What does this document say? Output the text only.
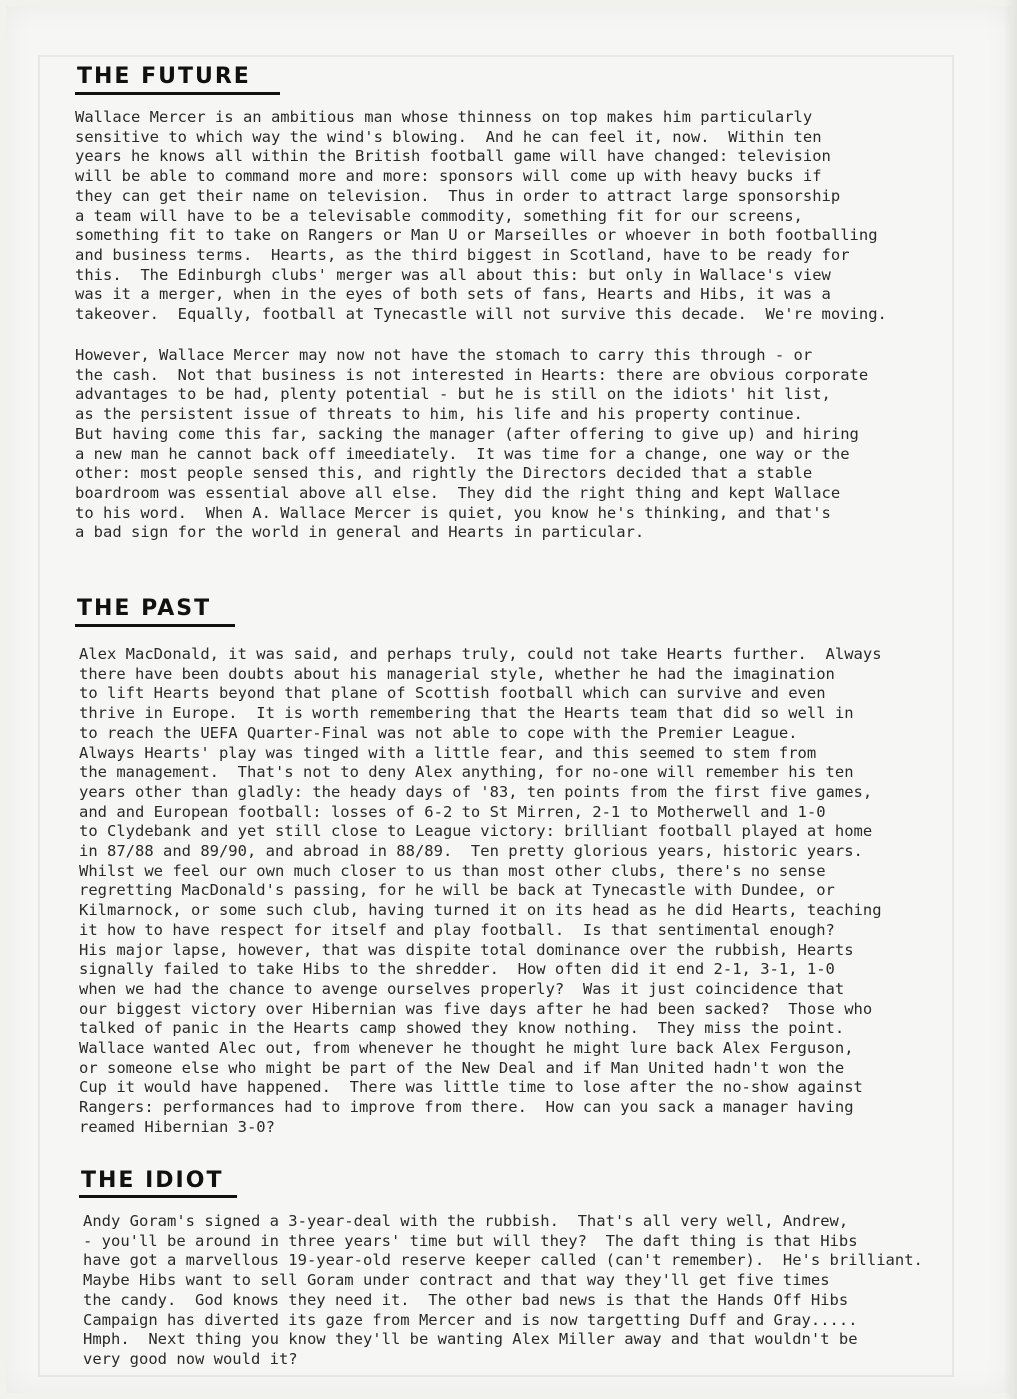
THE FUTURE

Wallace Mercer is an ambitious man whose thinness on top makes him particularly
sensitive to which way the wind's blowing.  And he can feel it, now.  Within ten
years he knows all within the British football game will have changed: television
will be able to command more and more: sponsors will come up with heavy bucks if
they can get their name on television.  Thus in order to attract large sponsorship
a team will have to be a televisable commodity, something fit for our screens,
something fit to take on Rangers or Man U or Marseilles or whoever in both footballing
and business terms.  Hearts, as the third biggest in Scotland, have to be ready for
this.  The Edinburgh clubs' merger was all about this: but only in Wallace's view
was it a merger, when in the eyes of both sets of fans, Hearts and Hibs, it was a
takeover.  Equally, football at Tynecastle will not survive this decade.  We're moving.

However, Wallace Mercer may now not have the stomach to carry this through - or
the cash.  Not that business is not interested in Hearts: there are obvious corporate
advantages to be had, plenty potential - but he is still on the idiots' hit list,
as the persistent issue of threats to him, his life and his property continue.
But having come this far, sacking the manager (after offering to give up) and hiring
a new man he cannot back off imeediately.  It was time for a change, one way or the
other: most people sensed this, and rightly the Directors decided that a stable
boardroom was essential above all else.  They did the right thing and kept Wallace
to his word.  When A. Wallace Mercer is quiet, you know he's thinking, and that's
a bad sign for the world in general and Hearts in particular.

THE PAST

Alex MacDonald, it was said, and perhaps truly, could not take Hearts further.  Always
there have been doubts about his managerial style, whether he had the imagination
to lift Hearts beyond that plane of Scottish football which can survive and even
thrive in Europe.  It is worth remembering that the Hearts team that did so well in
to reach the UEFA Quarter-Final was not able to cope with the Premier League.
Always Hearts' play was tinged with a little fear, and this seemed to stem from
the management.  That's not to deny Alex anything, for no-one will remember his ten
years other than gladly: the heady days of '83, ten points from the first five games,
and and European football: losses of 6-2 to St Mirren, 2-1 to Motherwell and 1-0
to Clydebank and yet still close to League victory: brilliant football played at home
in 87/88 and 89/90, and abroad in 88/89.  Ten pretty glorious years, historic years.
Whilst we feel our own much closer to us than most other clubs, there's no sense
regretting MacDonald's passing, for he will be back at Tynecastle with Dundee, or
Kilmarnock, or some such club, having turned it on its head as he did Hearts, teaching
it how to have respect for itself and play football.  Is that sentimental enough?
His major lapse, however, that was dispite total dominance over the rubbish, Hearts
signally failed to take Hibs to the shredder.  How often did it end 2-1, 3-1, 1-0
when we had the chance to avenge ourselves properly?  Was it just coincidence that
our biggest victory over Hibernian was five days after he had been sacked?  Those who
talked of panic in the Hearts camp showed they know nothing.  They miss the point.
Wallace wanted Alec out, from whenever he thought he might lure back Alex Ferguson,
or someone else who might be part of the New Deal and if Man United hadn't won the
Cup it would have happened.  There was little time to lose after the no-show against
Rangers: performances had to improve from there.  How can you sack a manager having
reamed Hibernian 3-0?

THE IDIOT

Andy Goram's signed a 3-year-deal with the rubbish.  That's all very well, Andrew,
- you'll be around in three years' time but will they?  The daft thing is that Hibs
have got a marvellous 19-year-old reserve keeper called (can't remember).  He's brilliant.
Maybe Hibs want to sell Goram under contract and that way they'll get five times
the candy.  God knows they need it.  The other bad news is that the Hands Off Hibs
Campaign has diverted its gaze from Mercer and is now targetting Duff and Gray.....
Hmph.  Next thing you know they'll be wanting Alex Miller away and that wouldn't be
very good now would it?
